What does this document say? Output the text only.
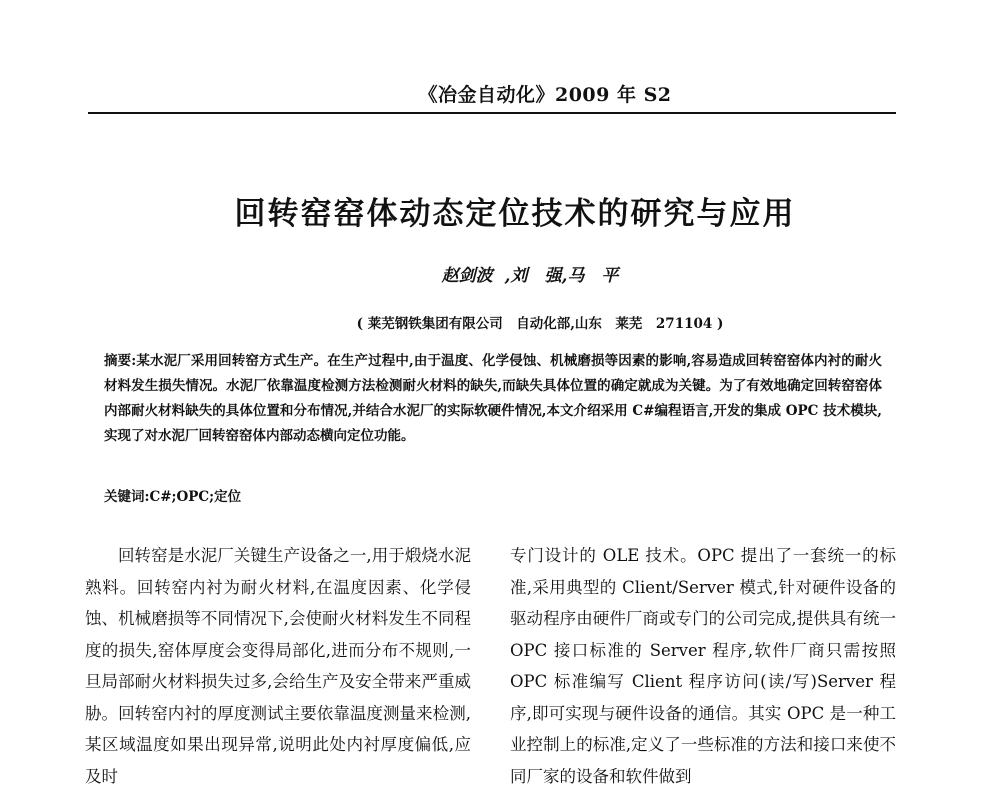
《冶金自动化》2009 年 S2
回转窑窑体动态定位技术的研究与应用
赵剑波 ,刘　强,马　平
( 莱芜钢铁集团有限公司　自动化部,山东　莱芜　271104 )
摘要:某水泥厂采用回转窑方式生产。在生产过程中,由于温度、化学侵蚀、机械磨损等因素的影响,容易造成回转窑窑体内衬的耐火材料发生损失情况。水泥厂依靠温度检测方法检测耐火材料的缺失,而缺失具体位置的确定就成为关键。为了有效地确定回转窑窑体内部耐火材料缺失的具体位置和分布情况,并结合水泥厂的实际软硬件情况,本文介绍采用 C#编程语言,开发的集成 OPC 技术模块,实现了对水泥厂回转窑窑体内部动态横向定位功能。
关键词:C#;OPC;定位
回转窑是水泥厂关键生产设备之一,用于煅烧水泥熟料。回转窑内衬为耐火材料,在温度因素、化学侵蚀、机械磨损等不同情况下,会使耐火材料发生不同程度的损失,窑体厚度会变得局部化,进而分布不规则,一旦局部耐火材料损失过多,会给生产及安全带来严重威胁。回转窑内衬的厚度测试主要依靠温度测量来检测,某区域温度如果出现异常,说明此处内衬厚度偏低,应及时
专门设计的 OLE 技术。OPC 提出了一套统一的标准,采用典型的 Client/Server 模式,针对硬件设备的驱动程序由硬件厂商或专门的公司完成,提供具有统一 OPC 接口标准的 Server 程序,软件厂商只需按照 OPC 标准编写 Client 程序访问(读/写)Server 程序,即可实现与硬件设备的通信。其实 OPC 是一种工业控制上的标准,定义了一些标准的方法和接口来使不同厂家的设备和软件做到
